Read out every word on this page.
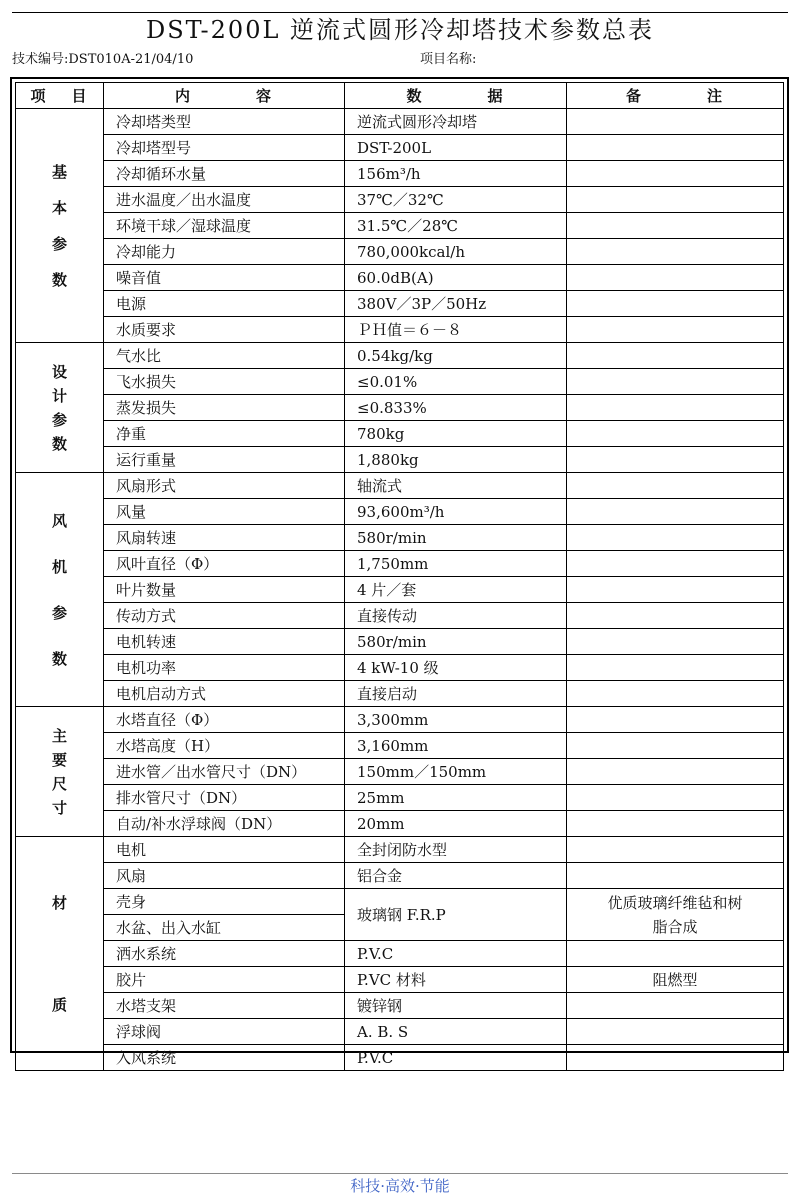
DST-200L 逆流式圆形冷却塔技术参数总表
技术编号:DST010A-21/04/10	项目名称:
项 目	内 容	数 据	备 注

基
本
参
数	冷却塔类型	逆流式圆形冷却塔	
	冷却塔型号	DST-200L	
	冷却循环水量	156m³/h	
	进水温度／出水温度	37℃／32℃	
	环境干球／湿球温度	31.5℃／28℃	
	冷却能力	780,000kcal/h	
	噪音值	60.0dB(A)	
	电源	380V／3P／50Hz	
	水质要求	ＰＨ值＝６－８	

设
计
参
数	气水比	0.54kg/kg	
	飞水损失	≤0.01%	
	蒸发损失	≤0.833%	
	净重	780kg	
	运行重量	1,880kg	

风
机
参
数	风扇形式	轴流式	
	风量	93,600m³/h	
	风扇转速	580r/min	
	风叶直径（Φ）	1,750mm	
	叶片数量	4 片／套	
	传动方式	直接传动	
	电机转速	580r/min	
	电机功率	4 kW-10 级	
	电机启动方式	直接启动	

主
要
尺
寸	水塔直径（Φ）	3,300mm	
	水塔高度（H）	3,160mm	
	进水管／出水管尺寸（DN）	150mm／150mm	
	排水管尺寸（DN）	25mm	
	自动/补水浮球阀（DN）	20mm	

材
质	电机	全封闭防水型	
	风扇	铝合金	
	壳身	玻璃钢 F.R.P	优质玻璃纤维毡和树脂合成
	水盆、出入水缸		
	洒水系统	P.V.C	
	胶片	P.VC 材料	阻燃型
	水塔支架	镀锌钢	
	浮球阀	A. B. S	
	入风系统	P.V.C	
科技·高效·节能
